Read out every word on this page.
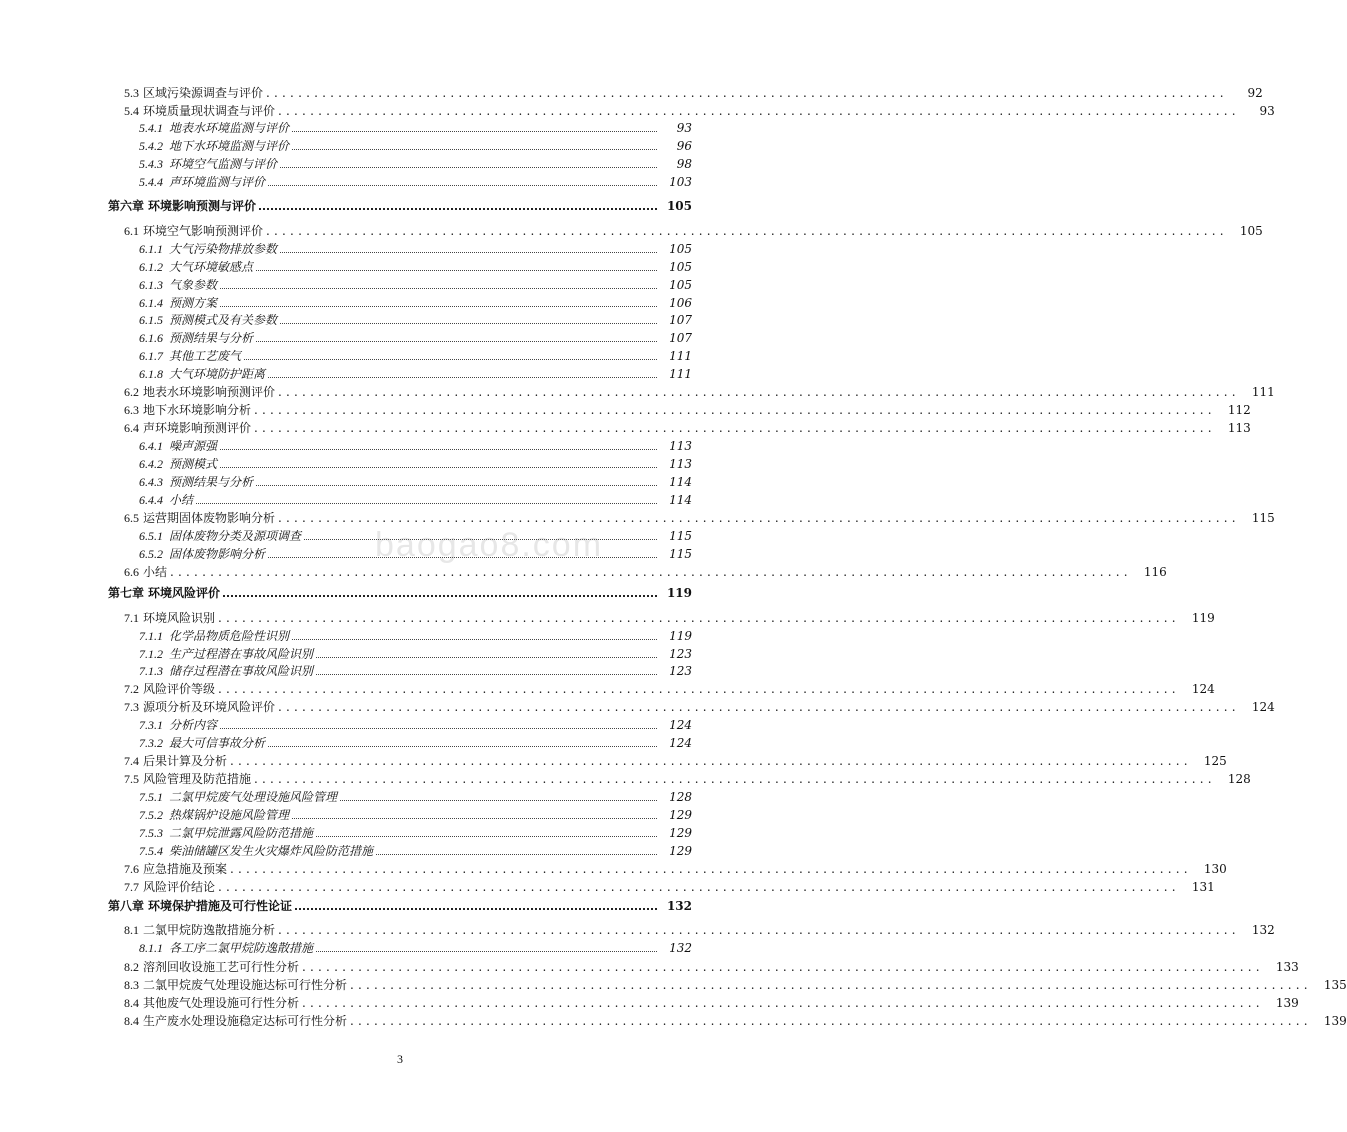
5.3 区域污染源调查与评价 ........................................................................................................................	92
5.4 环境质量现状调查与评价 ........................................................................................................................	93
5.4.1 地表水环境监测与评价	93
5.4.2 地下水环境监测与评价	96
5.4.3 环境空气监测与评价	98
5.4.4 声环境监测与评价	103
第六章 环境影响预测与评价	105
6.1 环境空气影响预测评价 ........................................................................................................................	105
6.1.1 大气污染物排放参数	105
6.1.2 大气环境敏感点	105
6.1.3 气象参数	105
6.1.4 预测方案	106
6.1.5 预测模式及有关参数	107
6.1.6 预测结果与分析	107
6.1.7 其他工艺废气	111
6.1.8 大气环境防护距离	111
6.2 地表水环境影响预测评价 ........................................................................................................................	111
6.3 地下水环境影响分析 ........................................................................................................................	112
6.4 声环境影响预测评价 ........................................................................................................................	113
6.4.1 噪声源强	113
6.4.2 预测模式	113
6.4.3 预测结果与分析	114
6.4.4 小结	114
6.5 运营期固体废物影响分析 ........................................................................................................................	115
6.5.1 固体废物分类及源项调查	115
6.5.2 固体废物影响分析	115
6.6 小结 ........................................................................................................................	116
第七章 环境风险评价	119
7.1 环境风险识别 ........................................................................................................................	119
7.1.1 化学品物质危险性识别	119
7.1.2 生产过程潜在事故风险识别	123
7.1.3 储存过程潜在事故风险识别	123
7.2 风险评价等级 ........................................................................................................................	124
7.3 源项分析及环境风险评价 ........................................................................................................................	124
7.3.1 分析内容	124
7.3.2 最大可信事故分析	124
7.4 后果计算及分析 ........................................................................................................................	125
7.5 风险管理及防范措施 ........................................................................................................................	128
7.5.1 二氯甲烷废气处理设施风险管理	128
7.5.2 热煤锅炉设施风险管理	129
7.5.3 二氯甲烷泄露风险防范措施	129
7.5.4 柴油储罐区发生火灾爆炸风险防范措施	129
7.6 应急措施及预案 ........................................................................................................................	130
7.7 风险评价结论 ........................................................................................................................	131
第八章 环境保护措施及可行性论证	132
8.1 二氯甲烷防逸散措施分析 ........................................................................................................................	132
8.1.1 各工序二氯甲烷防逸散措施	132
8.2 溶剂回收设施工艺可行性分析 ........................................................................................................................	133
8.3 二氯甲烷废气处理设施达标可行性分析 ........................................................................................................................	135
8.4 其他废气处理设施可行性分析 ........................................................................................................................	139
8.4 生产废水处理设施稳定达标可行性分析 ........................................................................................................................	139
baogao8.com
3
